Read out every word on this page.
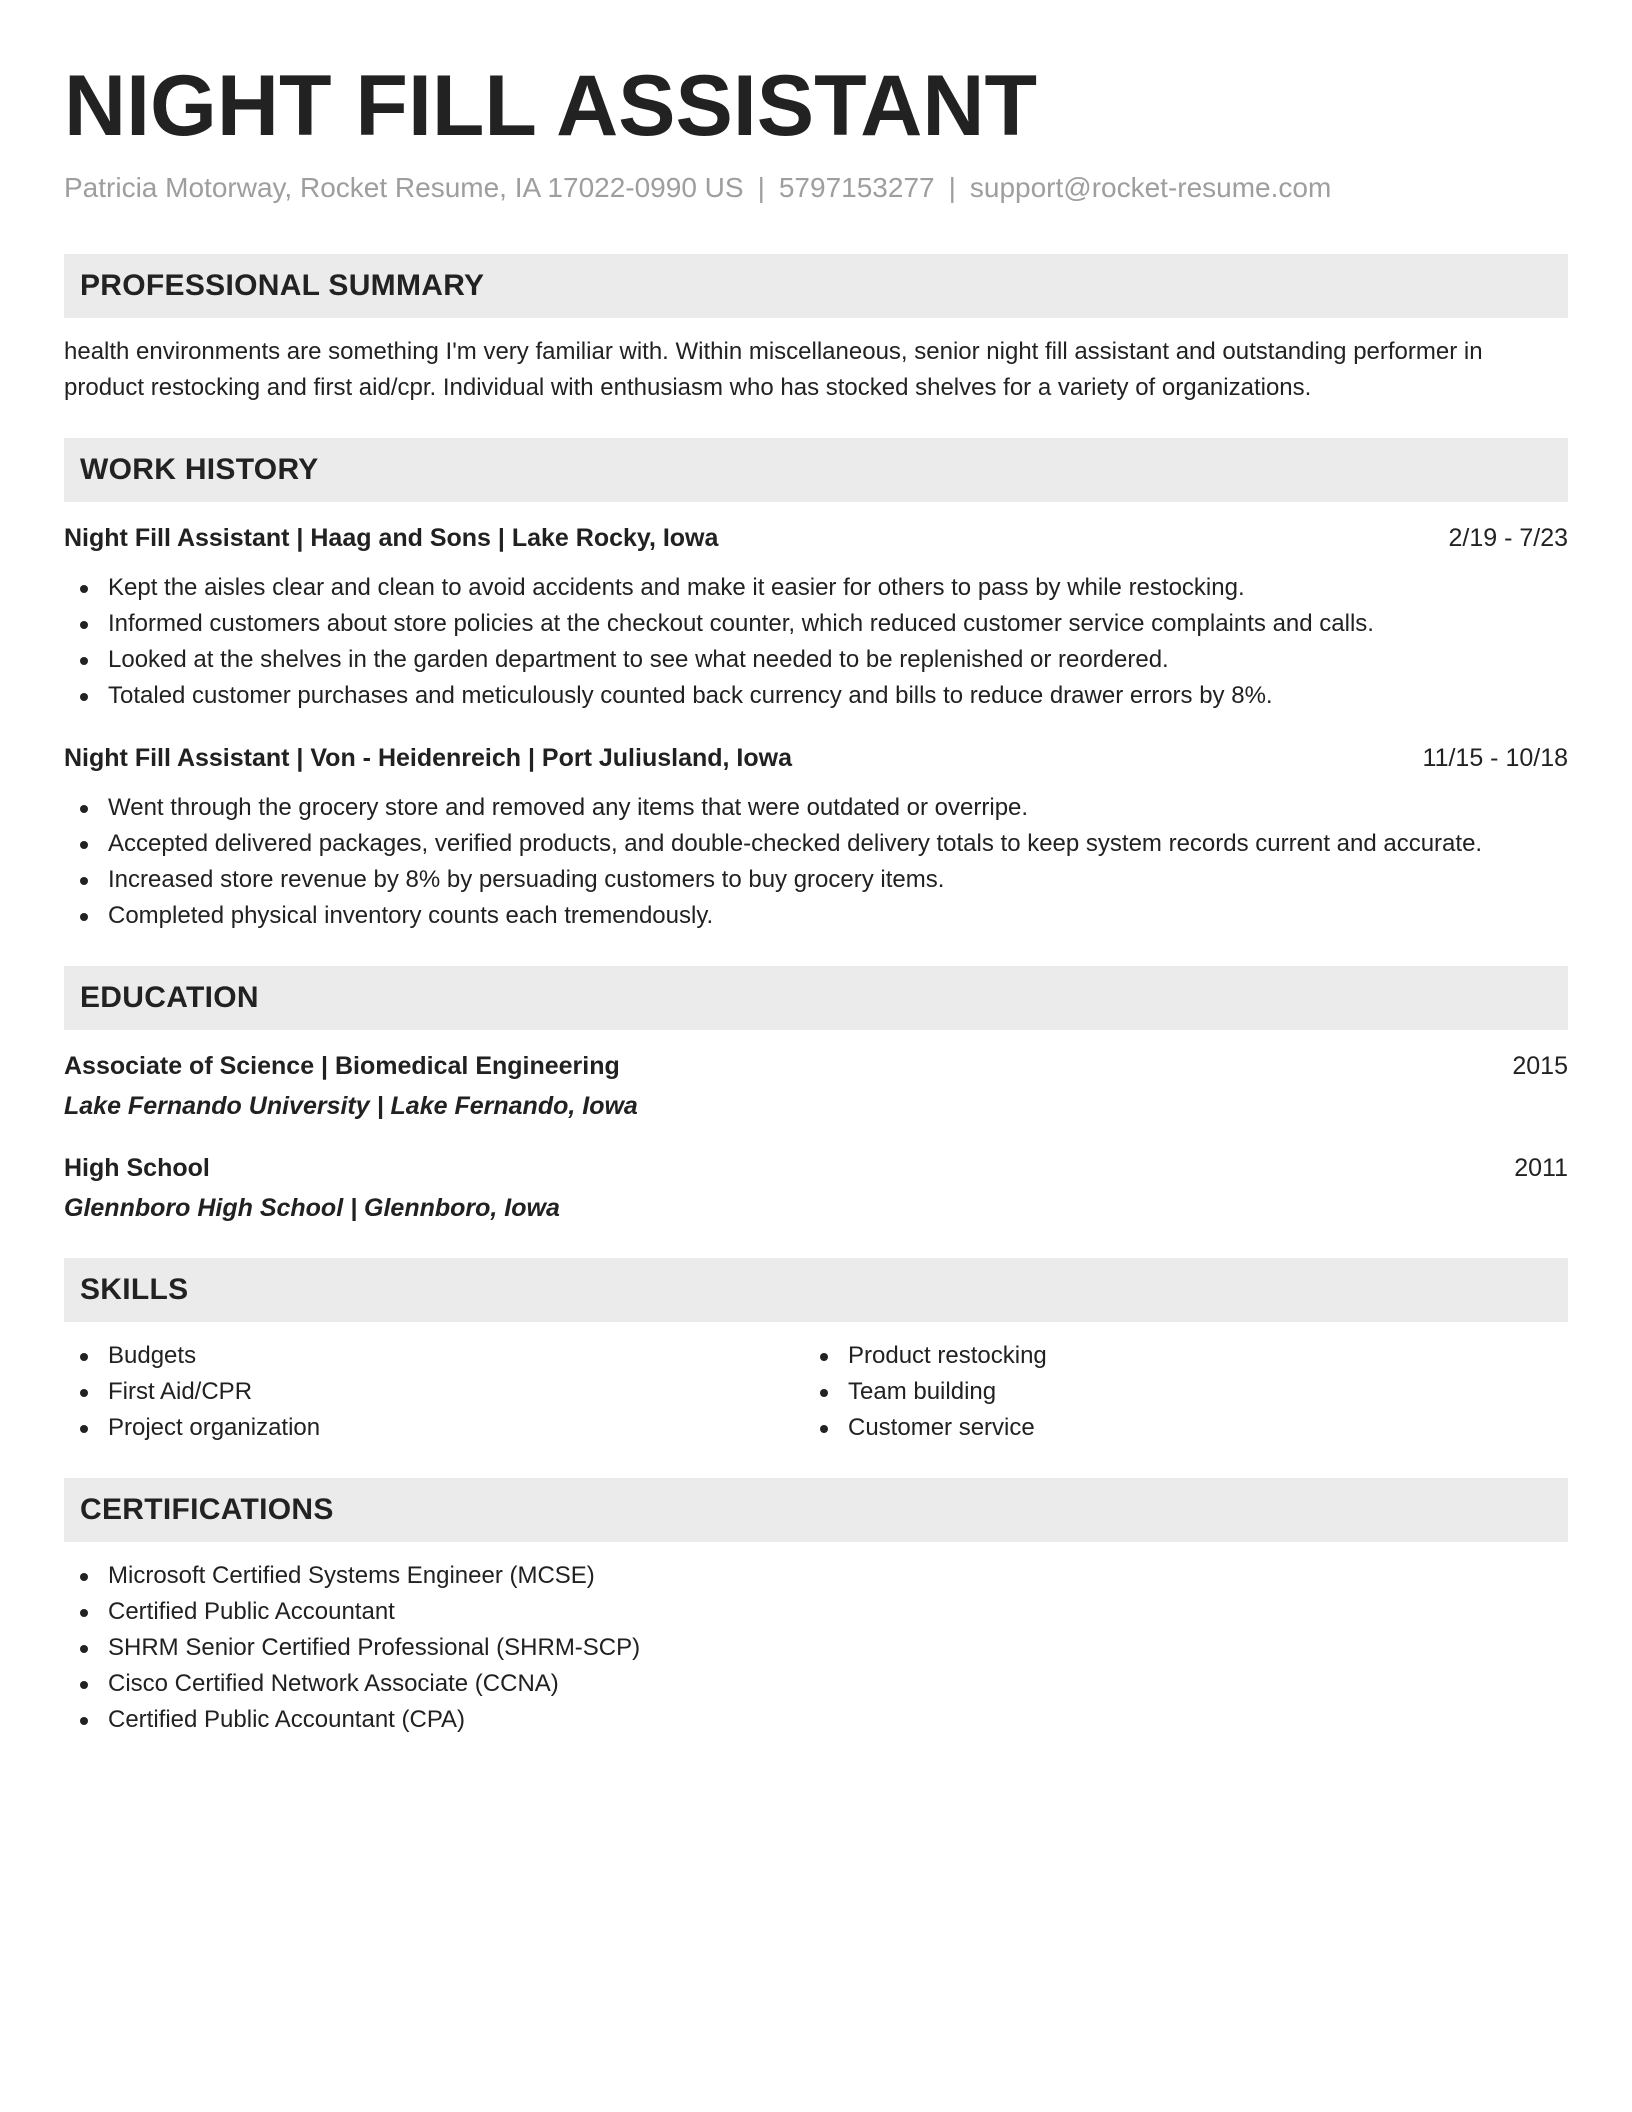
NIGHT FILL ASSISTANT
Patricia Motorway, Rocket Resume, IA 17022-0990 US | 5797153277 | support@rocket-resume.com
PROFESSIONAL SUMMARY
health environments are something I'm very familiar with. Within miscellaneous, senior night fill assistant and outstanding performer in product restocking and first aid/cpr. Individual with enthusiasm who has stocked shelves for a variety of organizations.
WORK HISTORY
Night Fill Assistant | Haag and Sons | Lake Rocky, Iowa	2/19 - 7/23
Kept the aisles clear and clean to avoid accidents and make it easier for others to pass by while restocking.
Informed customers about store policies at the checkout counter, which reduced customer service complaints and calls.
Looked at the shelves in the garden department to see what needed to be replenished or reordered.
Totaled customer purchases and meticulously counted back currency and bills to reduce drawer errors by 8%.
Night Fill Assistant | Von - Heidenreich | Port Juliusland, Iowa	11/15 - 10/18
Went through the grocery store and removed any items that were outdated or overripe.
Accepted delivered packages, verified products, and double-checked delivery totals to keep system records current and accurate.
Increased store revenue by 8% by persuading customers to buy grocery items.
Completed physical inventory counts each tremendously.
EDUCATION
Associate of Science | Biomedical Engineering	2015
Lake Fernando University | Lake Fernando, Iowa
High School	2011
Glennboro High School | Glennboro, Iowa
SKILLS
Budgets
First Aid/CPR
Project organization
Product restocking
Team building
Customer service
CERTIFICATIONS
Microsoft Certified Systems Engineer (MCSE)
Certified Public Accountant
SHRM Senior Certified Professional (SHRM-SCP)
Cisco Certified Network Associate (CCNA)
Certified Public Accountant (CPA)
